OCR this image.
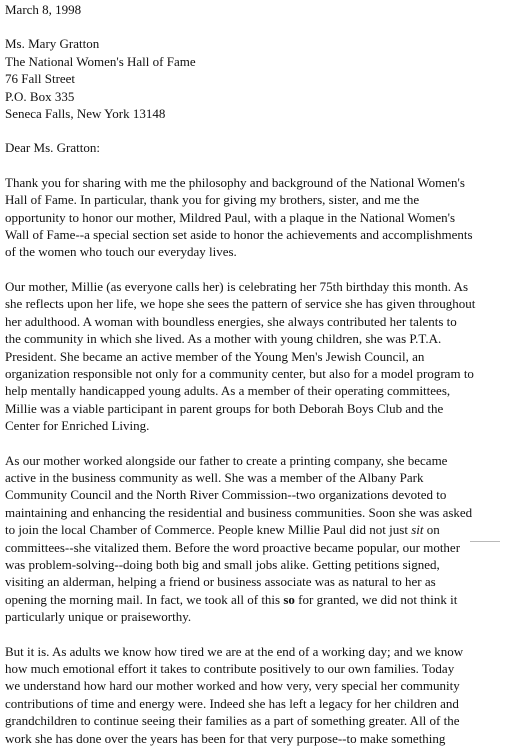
March 8, 1998
Ms. Mary Gratton
The National Women's Hall of Fame
76 Fall Street
P.O. Box 335
Seneca Falls, New York 13148
Dear Ms. Gratton:
Thank you for sharing with me the philosophy and background of the National Women's
Hall of Fame. In particular, thank you for giving my brothers, sister, and me the
opportunity to honor our mother, Mildred Paul, with a plaque in the National Women's
Wall of Fame--a special section set aside to honor the achievements and accomplishments
of the women who touch our everyday lives.
Our mother, Millie (as everyone calls her) is celebrating her 75th birthday this month. As
she reflects upon her life, we hope she sees the pattern of service she has given throughout
her adulthood. A woman with boundless energies, she always contributed her talents to
the community in which she lived. As a mother with young children, she was P.T.A.
President. She became an active member of the Young Men's Jewish Council, an
organization responsible not only for a community center, but also for a model program to
help mentally handicapped young adults. As a member of their operating committees,
Millie was a viable participant in parent groups for both Deborah Boys Club and the
Center for Enriched Living.
As our mother worked alongside our father to create a printing company, she became
active in the business community as well. She was a member of the Albany Park
Community Council and the North River Commission--two organizations devoted to
maintaining and enhancing the residential and business communities. Soon she was asked
to join the local Chamber of Commerce. People knew Millie Paul did not just sit on
committees--she vitalized them. Before the word proactive became popular, our mother
was problem-solving--doing both big and small jobs alike. Getting petitions signed,
visiting an alderman, helping a friend or business associate was as natural to her as
opening the morning mail. In fact, we took all of this so for granted, we did not think it
particularly unique or praiseworthy.
But it is. As adults we know how tired we are at the end of a working day; and we know
how much emotional effort it takes to contribute positively to our own families. Today
we understand how hard our mother worked and how very, very special her community
contributions of time and energy were. Indeed she has left a legacy for her children and
grandchildren to continue seeing their families as a part of something greater. All of the
work she has done over the years has been for that very purpose--to make something
